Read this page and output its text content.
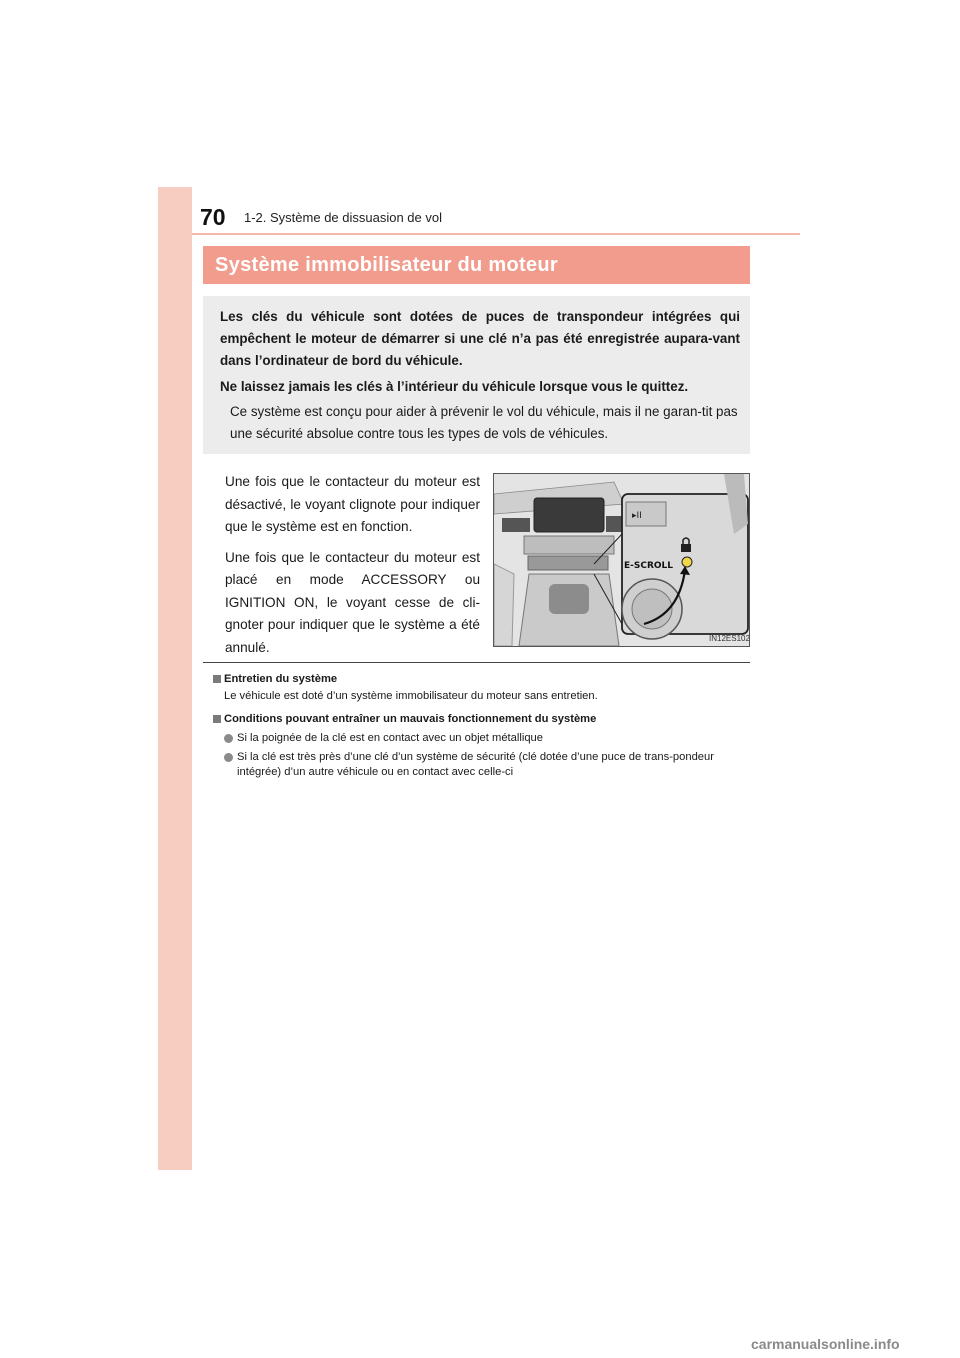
70 1-2. Système de dissuasion de vol
Système immobilisateur du moteur

Les clés du véhicule sont dotées de puces de transpondeur intégrées qui empêchent le moteur de démarrer si une clé n’a pas été enregistrée aupara-vant dans l’ordinateur de bord du véhicule.

Ne laissez jamais les clés à l’intérieur du véhicule lorsque vous le quittez.

Ce système est conçu pour aider à prévenir le vol du véhicule, mais il ne garan-tit pas une sécurité absolue contre tous les types de vols de véhicules.

Une fois que le contacteur du moteur est désactivé, le voyant clignote pour indiquer que le système est en fonction.

Une fois que le contacteur du moteur est placé en mode ACCESSORY ou IGNITION ON, le voyant cesse de cli-gnoter pour indiquer que le système a été annulé.

▸II
E-SCROLL
IN12ES102

Entretien du système

Le véhicule est doté d’un système immobilisateur du moteur sans entretien.

Conditions pouvant entraîner un mauvais fonctionnement du système

Si la poignée de la clé est en contact avec un objet métallique

Si la clé est très près d’une clé d’un système de sécurité (clé dotée d’une puce de trans-pondeur intégrée) d’un autre véhicule ou en contact avec celle-ci

carmanualsonline.info
